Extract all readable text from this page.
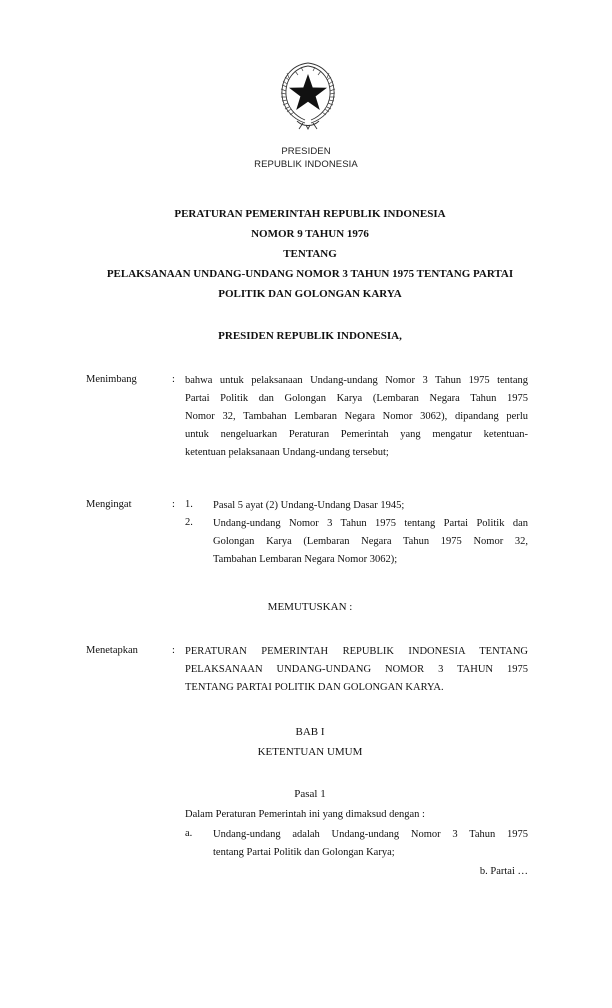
PRESIDEN
REPUBLIK INDONESIA
PERATURAN PEMERINTAH REPUBLIK INDONESIA
NOMOR 9 TAHUN 1976
TENTANG
PELAKSANAAN UNDANG-UNDANG NOMOR 3 TAHUN 1975 TENTANG PARTAI
POLITIK DAN GOLONGAN KARYA
PRESIDEN REPUBLIK INDONESIA,
Menimbang	: bahwa untuk pelaksanaan Undang-undang Nomor 3 Tahun 1975 tentang
Partai Politik dan Golongan Karya (Lembaran Negara Tahun 1975
Nomor 32, Tambahan Lembaran Negara Nomor 3062), dipandang perlu
untuk nengeluarkan Peraturan Pemerintah yang mengatur ketentuan-
ketentuan pelaksanaan Undang-undang tersebut;
Mengingat	: 1. Pasal 5 ayat (2) Undang-Undang Dasar 1945;
2. Undang-undang Nomor 3 Tahun 1975 tentang Partai Politik dan
Golongan Karya (Lembaran Negara Tahun 1975 Nomor 32,
Tambahan Lembaran Negara Nomor 3062);
MEMUTUSKAN :
Menetapkan	: PERATURAN PEMERINTAH REPUBLIK INDONESIA TENTANG
PELAKSANAAN UNDANG-UNDANG NOMOR 3 TAHUN 1975
TENTANG PARTAI POLITIK DAN GOLONGAN KARYA.
BAB I
KETENTUAN UMUM
Pasal 1
Dalam Peraturan Pemerintah ini yang dimaksud dengan :
a. Undang-undang adalah Undang-undang Nomor 3 Tahun 1975
tentang Partai Politik dan Golongan Karya;
b. Partai …
